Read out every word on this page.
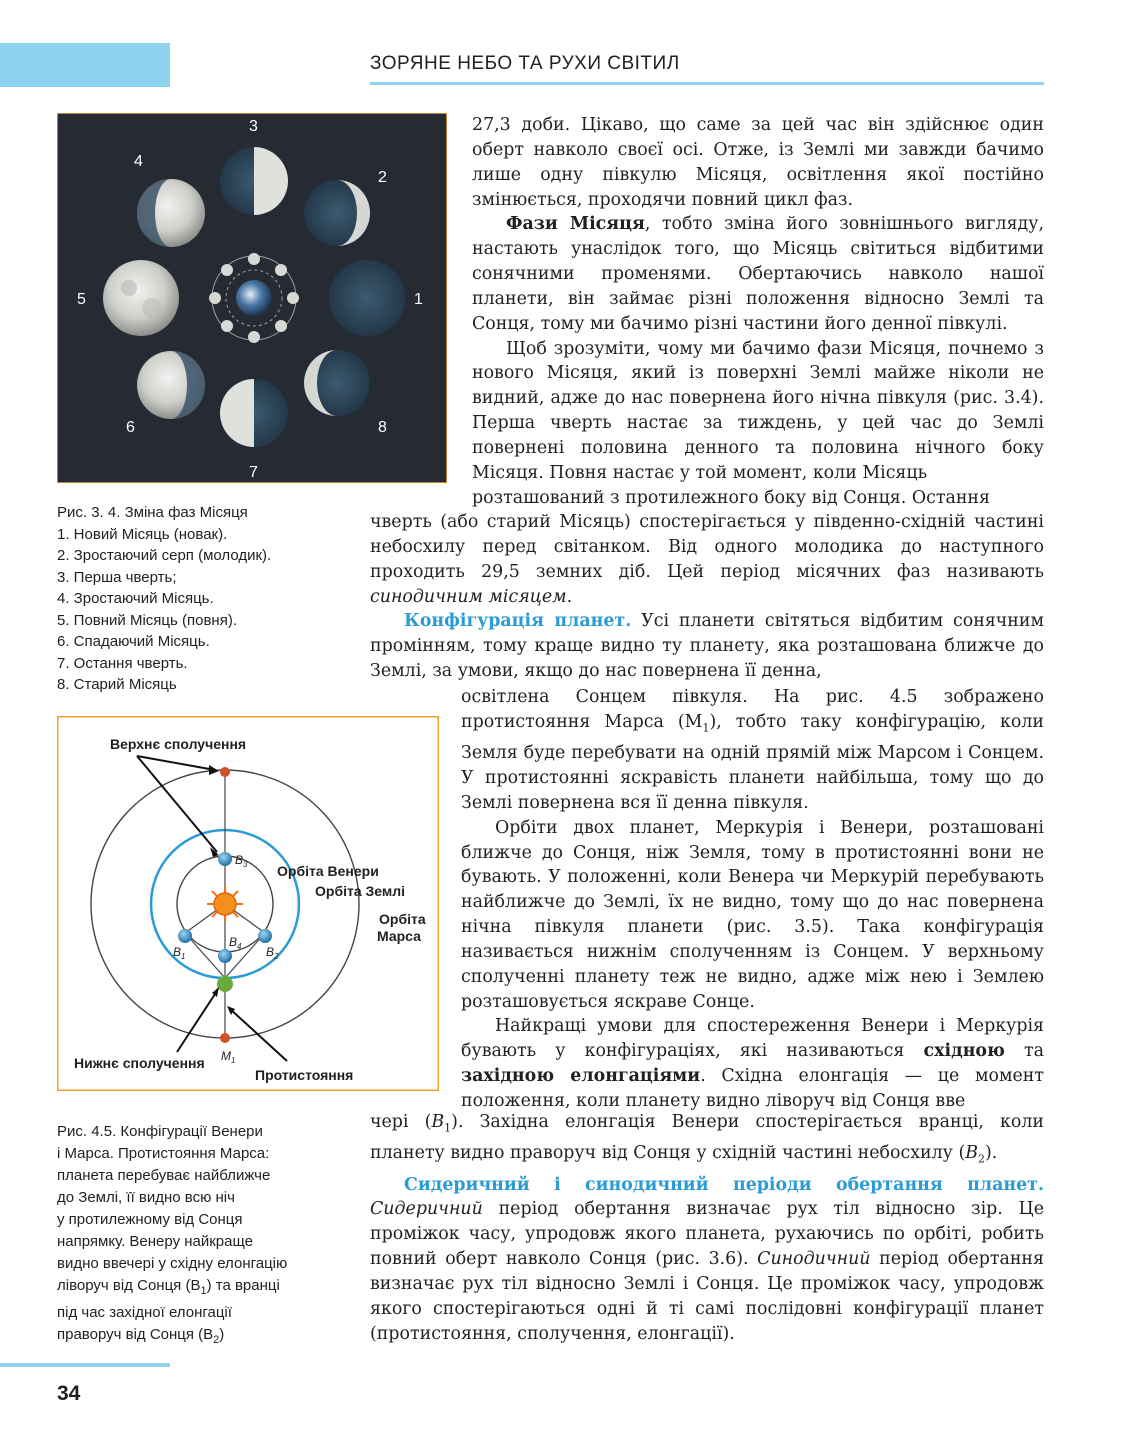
ЗОРЯНЕ НЕБО ТА РУХИ СВІТИЛ
1
2
3
4
5
6
7
8
Рис. 3. 4. Зміна фаз Місяця
1. Новий Місяць (новак).
2. Зростаючий серп (молодик).
3. Перша чверть;
4. Зростаючий Місяць.
5. Повний Місяць (повня).
6. Спадаючий Місяць.
7. Остання чверть.
8. Старий Місяць
Верхнє сполучення
Орбіта Венери
Орбіта Землі
Орбіта
Марса
Нижнє сполучення
Протистояння
$B_3$
$B_1$	$B_2$
$B_4$
$M_1$
Рис. 4.5. Конфігурації Венери
і Марса. Протистояння Марса:
планета перебуває найближче
до Землі, її видно всю ніч
у протилежному від Сонця
напрямку. Венеру найкраще
видно ввечері у східну елонгацію
ліворуч від Сонця $(B_1)$ та вранці
під час західної елонгації
праворуч від Сонця $(B_2)$

27,3 доби. Цікаво, що саме за цей час він здійснює один оберт навколо своєї осі. Отже, із Землі ми завжди бачимо лише одну півкулю Місяця, освітлення якої постійно змінюється, проходячи повний цикл фаз.

Фази Місяця, тобто зміна його зовнішнього вигляду, настають унаслідок того, що Місяць світиться відбитими сонячними променями. Обертаючись навколо нашої планети, він займає різні положення відносно Землі та Сонця, тому ми бачимо різні частини його денної півкулі.

Щоб зрозуміти, чому ми бачимо фази Місяця, почнемо з нового Місяця, який із поверхні Землі майже ніколи не видний, адже до нас повернена його нічна півкуля (рис. 3.4). Перша чверть настає за тиждень, у цей час до Землі повернені половина денного та половина нічного боку Місяця. Повня настає у той момент, коли Місяць

розташований з протилежного боку від Сонця. Остання

чверть (або старий Місяць) спостерігається у південно-східній частині небосхилу перед світанком. Від одного молодика до наступного проходить 29,5 земних діб. Цей період місячних фаз називають синодичним місяцем.

Конфігурація планет. Усі планети світяться відбитим сонячним промінням, тому краще видно ту планету, яка розташована ближче до Землі, за умови, якщо до нас повернена її денна,

освітлена Сонцем півкуля. На рис. 4.5 зображено протистояння Марса $(M_1)$, тобто таку конфігурацію, коли Земля буде перебувати на одній прямій між Марсом і Сонцем. У протистоянні яскравість планети найбільша, тому що до Землі повернена вся її денна півкуля.

Орбіти двох планет, Меркурія і Венери, розташовані ближче до Сонця, ніж Земля, тому в протистоянні вони не бувають. У положенні, коли Венера чи Меркурій перебувають найближче до Землі, їх не видно, тому що до нас повернена нічна півкуля планети (рис. 3.5). Така конфігурація називається нижнім сполученням із Сонцем. У верхньому сполученні планету теж не видно, адже між нею і Землею розташовується яскраве Сонце.

Найкращі умови для спостереження Венери і Меркурія бувають у конфігураціях, які називаються східною та західною елонгаціями. Східна елонгація — це момент положення, коли планету видно ліворуч від Сонця вве

чері $(B_1)$. Західна елонгація Венери спостерігається вранці, коли планету видно праворуч від Сонця у східній частині небосхилу $(B_2)$.

Сидеричний і синодичний періоди обертання планет. Сидеричний період обертання визначає рух тіл відносно зір. Це проміжок часу, упродовж якого планета, рухаючись по орбіті, робить повний оберт навколо Сонця (рис. 3.6). Синодичний період обертання визначає рух тіл відносно Землі і Сонця. Це проміжок часу, упродовж якого спостерігаються одні й ті самі послідовні конфігурації планет (протистояння, сполучення, елонгації).

34
